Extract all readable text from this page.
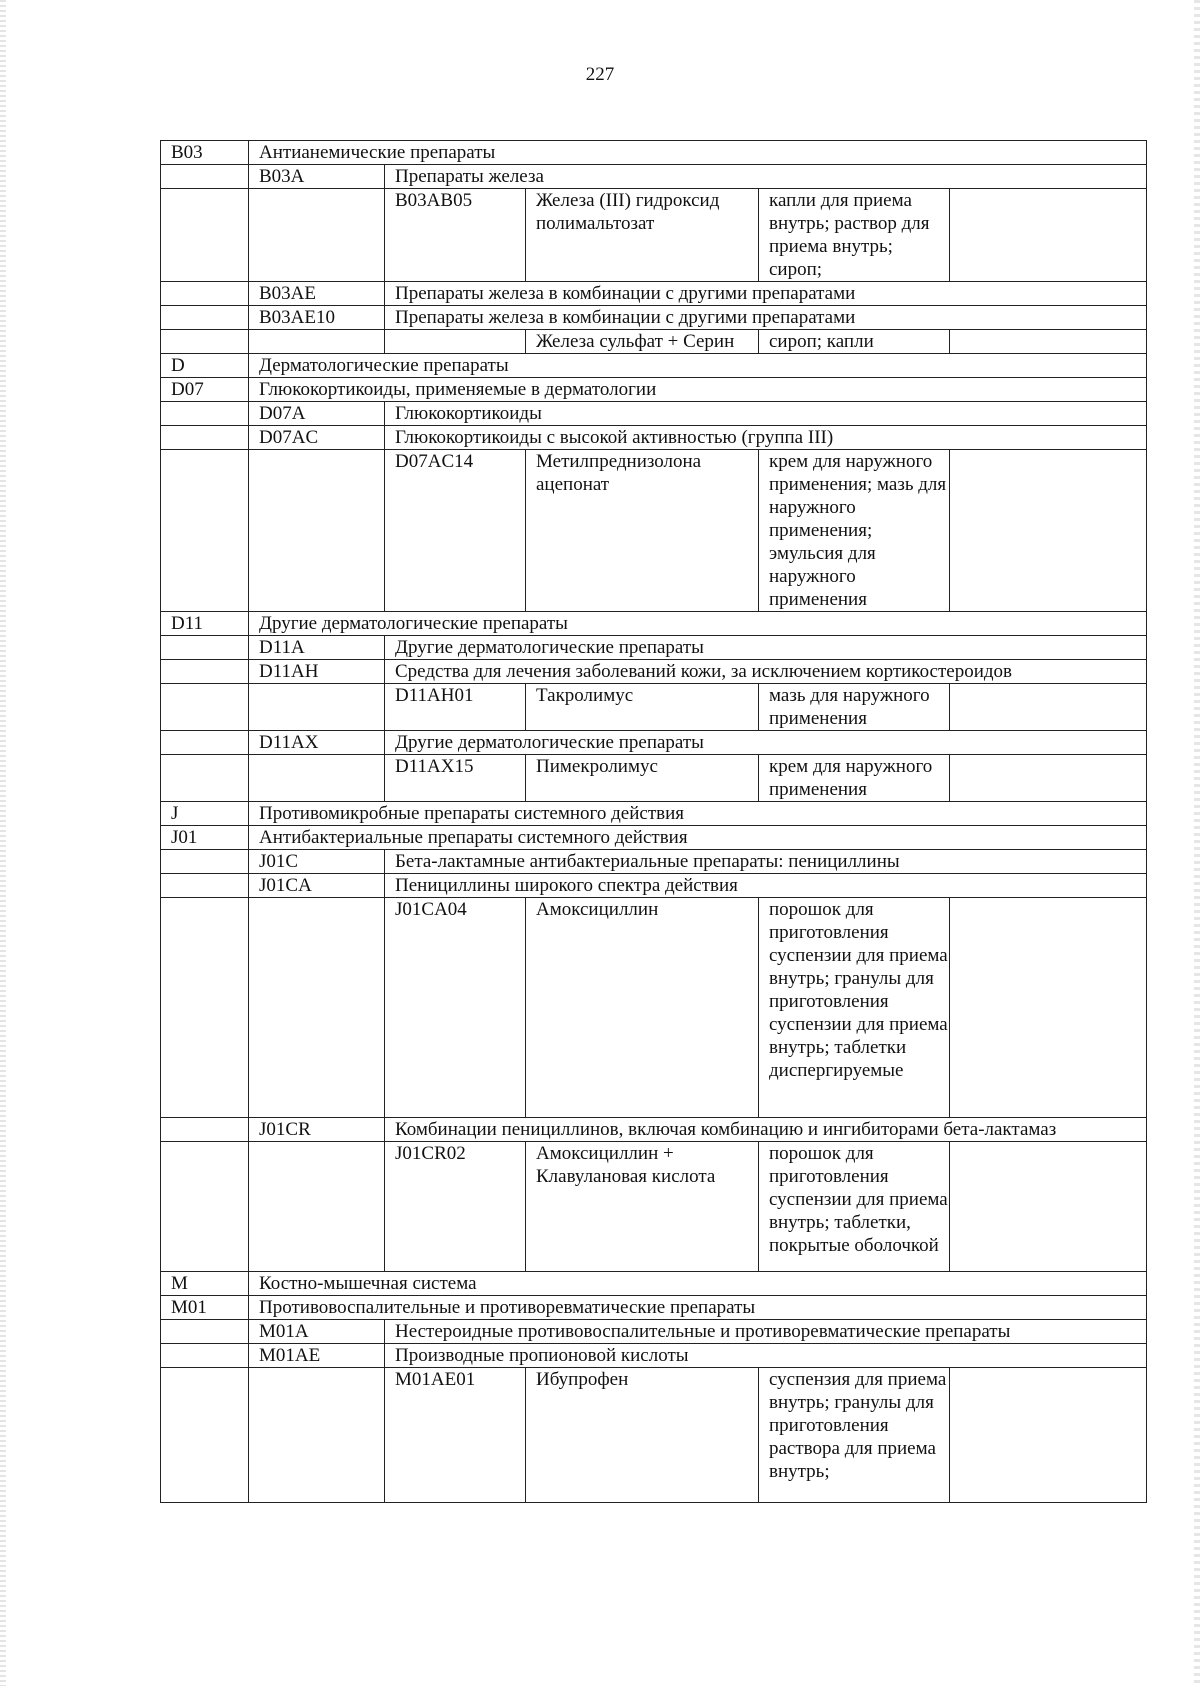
227
B03	Антианемические препараты				
	B03A	Препараты железа			
		B03AB05	Железа (III) гидроксид полимальтозат	капли для приема внутрь; раствор для приема внутрь; сироп;	
	B03AE	Препараты железа в комбинации с другими препаратами			
	B03AE10	Препараты железа в комбинации с другими препаратами			
			Железа сульфат + Серин	сироп; капли	
D	Дерматологические препараты				
D07	Глюкокортикоиды, применяемые в дерматологии				
	D07A	Глюкокортикоиды			
	D07AC	Глюкокортикоиды с высокой активностью (группа III)			
		D07AC14	Метилпреднизолона ацепонат	крем для наружного применения; мазь для наружного применения; эмульсия для наружного применения	
D11	Другие дерматологические препараты				
	D11A	Другие дерматологические препараты			
	D11AH	Средства для лечения заболеваний кожи, за исключением кортикостероидов			
		D11AH01	Такролимус	мазь для наружного применения	
	D11AX	Другие дерматологические препараты			
		D11AX15	Пимекролимус	крем для наружного применения	
J	Противомикробные препараты системного действия				
J01	Антибактериальные препараты системного действия				
	J01C	Бета-лактамные антибактериальные препараты: пенициллины			
	J01CA	Пенициллины широкого спектра действия			
		J01CA04	Амоксициллин	порошок для приготовления суспензии для приема внутрь; гранулы для приготовления суспензии для приема внутрь; таблетки диспергируемые	
	J01CR	Комбинации пенициллинов, включая комбинацию и ингибиторами бета-лактамаз			
		J01CR02	Амоксициллин + Клавулановая кислота	порошок для приготовления суспензии для приема внутрь; таблетки, покрытые оболочкой	
M	Костно-мышечная система				
M01	Противовоспалительные и противоревматические препараты				
	M01A	Нестероидные противовоспалительные и противоревматические препараты			
	M01AE	Производные пропионовой кислоты			
		M01AE01	Ибупрофен	суспензия для приема внутрь; гранулы для приготовления раствора для приема внутрь;	
